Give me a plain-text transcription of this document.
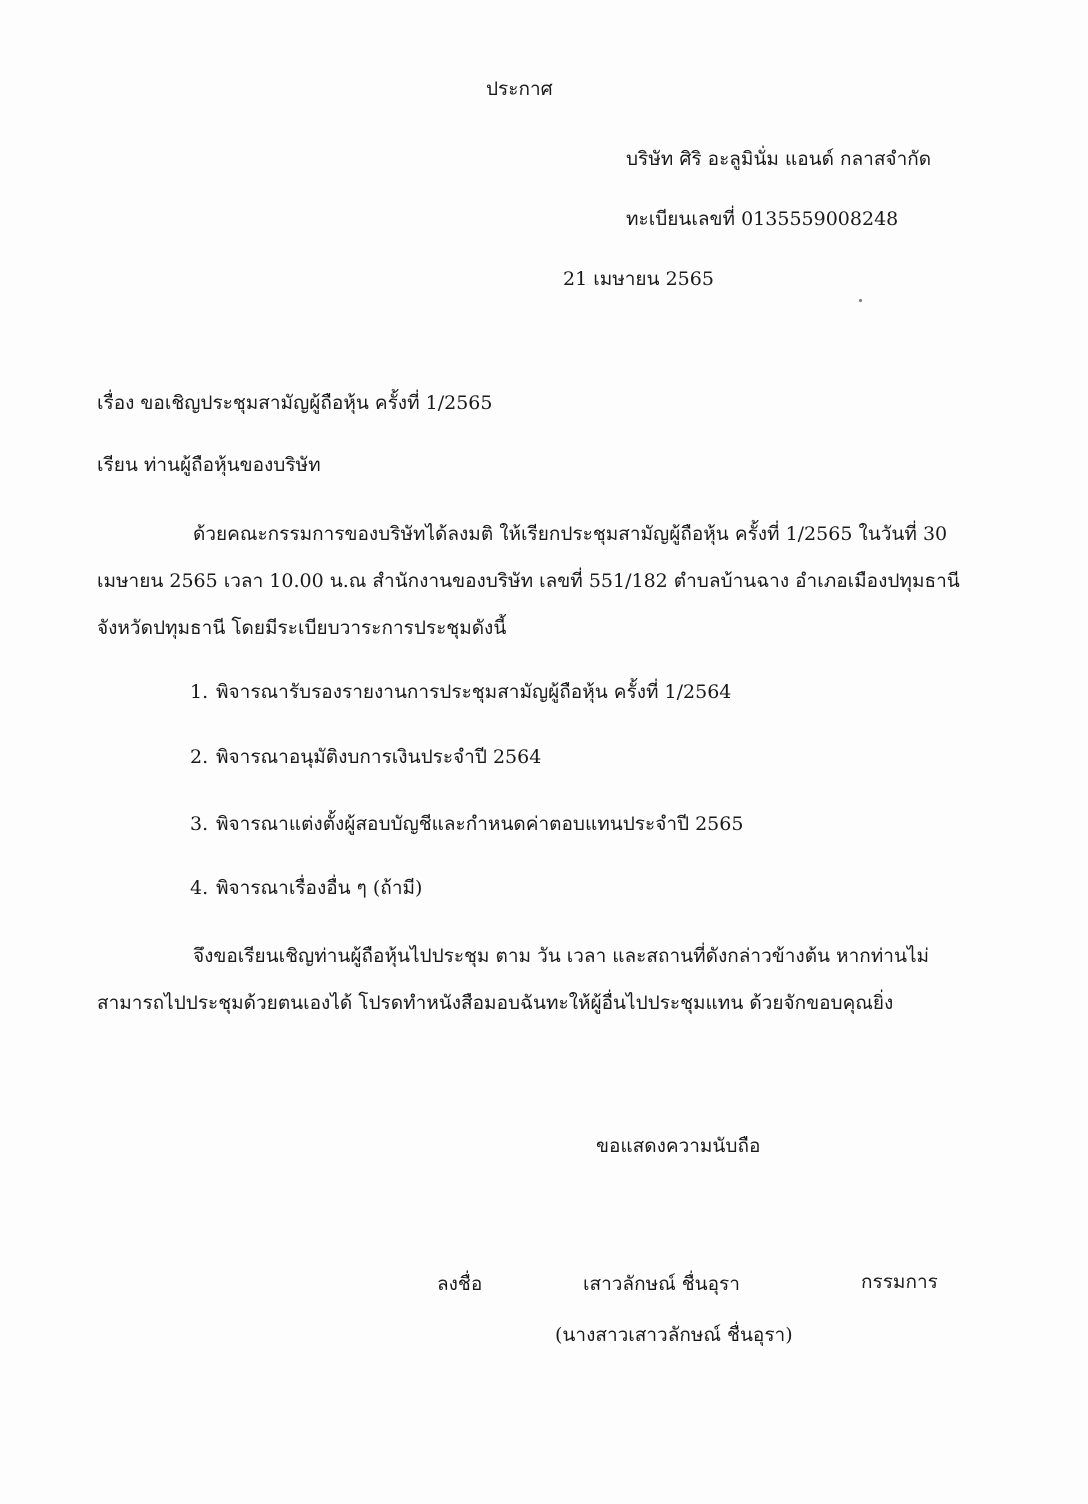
ประกาศ
บริษัท ศิริ อะลูมินั่ม แอนด์ กลาสจำกัด
ทะเบียนเลขที่ 0135559008248
21 เมษายน 2565
เรื่อง ขอเชิญประชุมสามัญผู้ถือหุ้น ครั้งที่ 1/2565
เรียน ท่านผู้ถือหุ้นของบริษัท
ด้วยคณะกรรมการของบริษัทได้ลงมติ ให้เรียกประชุมสามัญผู้ถือหุ้น ครั้งที่ 1/2565 ในวันที่ 30
เมษายน 2565 เวลา 10.00 น.ณ สำนักงานของบริษัท เลขที่ 551/182 ตำบลบ้านฉาง อำเภอเมืองปทุมธานี
จังหวัดปทุมธานี โดยมีระเบียบวาระการประชุมดังนี้
1. พิจารณารับรองรายงานการประชุมสามัญผู้ถือหุ้น ครั้งที่ 1/2564
2. พิจารณาอนุมัติงบการเงินประจำปี 2564
3. พิจารณาแต่งตั้งผู้สอบบัญชีและกำหนดค่าตอบแทนประจำปี 2565
4. พิจารณาเรื่องอื่น ๆ (ถ้ามี)
จึงขอเรียนเชิญท่านผู้ถือหุ้นไปประชุม ตาม วัน เวลา และสถานที่ดังกล่าวข้างต้น หากท่านไม่
สามารถไปประชุมด้วยตนเองได้ โปรดทำหนังสือมอบฉันทะให้ผู้อื่นไปประชุมแทน ด้วยจักขอบคุณยิ่ง
ขอแสดงความนับถือ
ลงชื่อ	เสาวลักษณ์ ชื่นอุรา	กรรมการ
(นางสาวเสาวลักษณ์ ชื่นอุรา)
